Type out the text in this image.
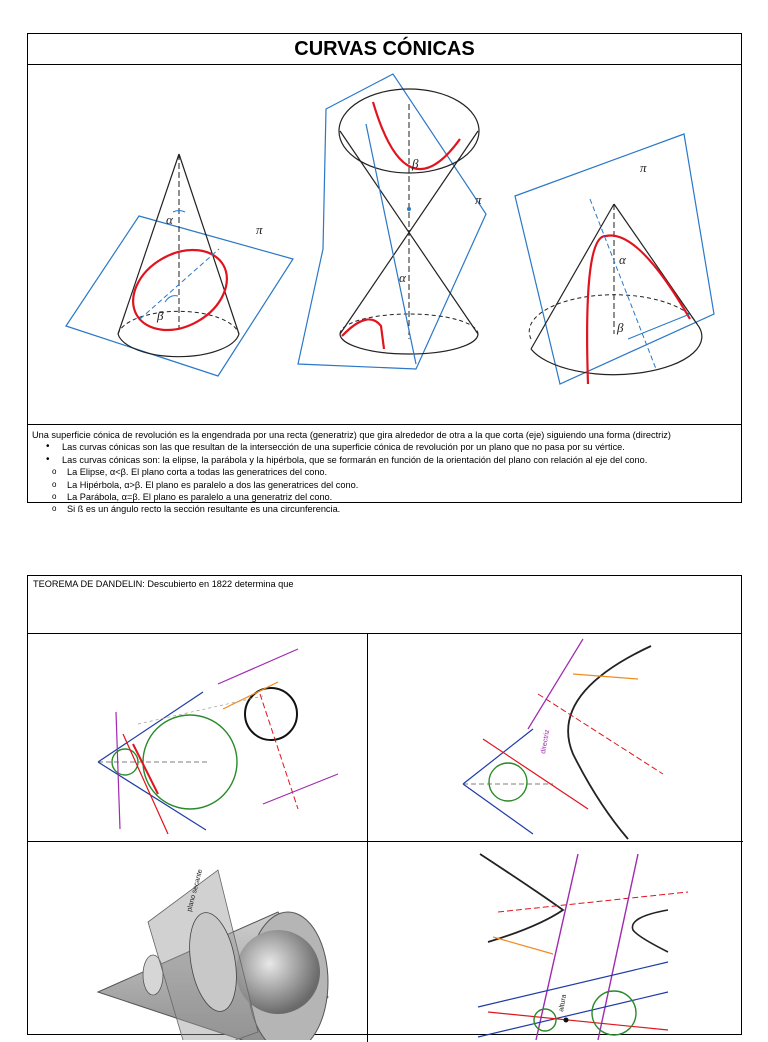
CURVAS CÓNICAS
α
β
π
β
α
π
α
β
π
Una superficie cónica de revolución es la engendrada por una recta (generatriz) que gira alrededor de otra a la que corta (eje) siguiendo una forma (directriz)
• Las curvas cónicas son las que resultan de la intersección de una superficie cónica de revolución por un plano que no pasa por su vértice.
• Las curvas cónicas son: la elipse, la parábola y la hipérbola, que se formarán en función de la orientación del plano con relación al eje del cono.
o La Elipse, α<β. El plano corta a todas las generatrices del cono.
o La Hipérbola, α>β. El plano es paralelo a dos las generatrices del cono.
o La Parábola, α=β. El plano es paralelo a una generatriz del cono.
o Si ß es un ángulo recto la sección resultante es una circunferencia.
TEOREMA DE DANDELIN: Descubierto en 1822 determina que
directriz
plano secante
altura
